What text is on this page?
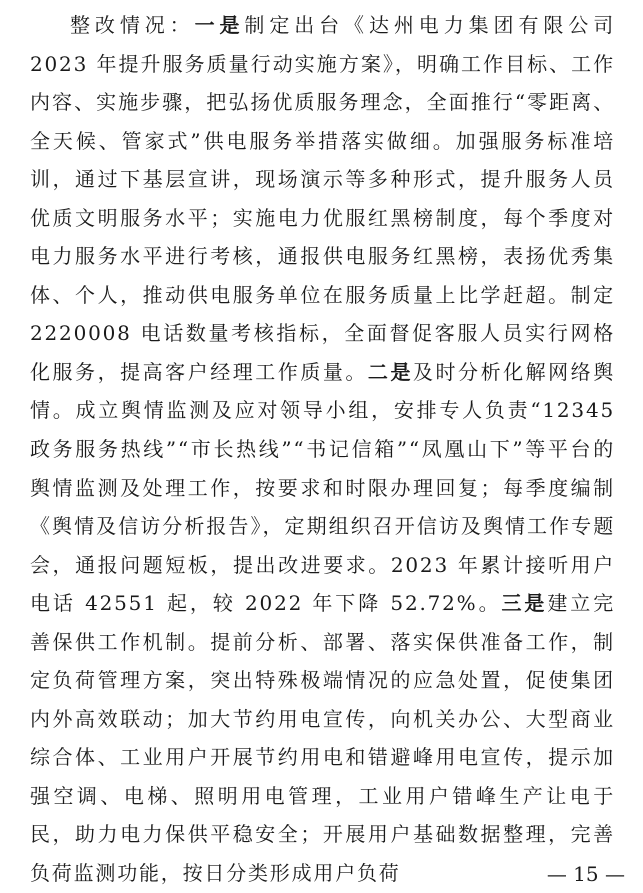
整改情况：一是制定出台《达州电力集团有限公司 2023 年提升服务质量行动实施方案》，明确工作目标、工作内容、实施步骤，把弘扬优质服务理念，全面推行“零距离、全天候、管家式”供电服务举措落实做细。加强服务标准培训，通过下基层宣讲，现场演示等多种形式，提升服务人员优质文明服务水平；实施电力优服红黑榜制度，每个季度对电力服务水平进行考核，通报供电服务红黑榜，表扬优秀集体、个人，推动供电服务单位在服务质量上比学赶超。制定 2220008 电话数量考核指标，全面督促客服人员实行网格化服务，提高客户经理工作质量。二是及时分析化解网络舆情。成立舆情监测及应对领导小组，安排专人负责“12345 政务服务热线”“市长热线”“书记信箱”“凤凰山下”等平台的舆情监测及处理工作，按要求和时限办理回复；每季度编制《舆情及信访分析报告》，定期组织召开信访及舆情工作专题会，通报问题短板，提出改进要求。2023 年累计接听用户电话 42551 起，较 2022 年下降 52.72%。三是建立完善保供工作机制。提前分析、部署、落实保供准备工作，制定负荷管理方案，突出特殊极端情况的应急处置，促使集团内外高效联动；加大节约用电宣传，向机关办公、大型商业综合体、工业用户开展节约用电和错避峰用电宣传，提示加强空调、电梯、照明用电管理，工业用户错峰生产让电于民，助力电力保供平稳安全；开展用户基础数据整理，完善负荷监测功能，按日分类形成用户负荷	— 15 —
